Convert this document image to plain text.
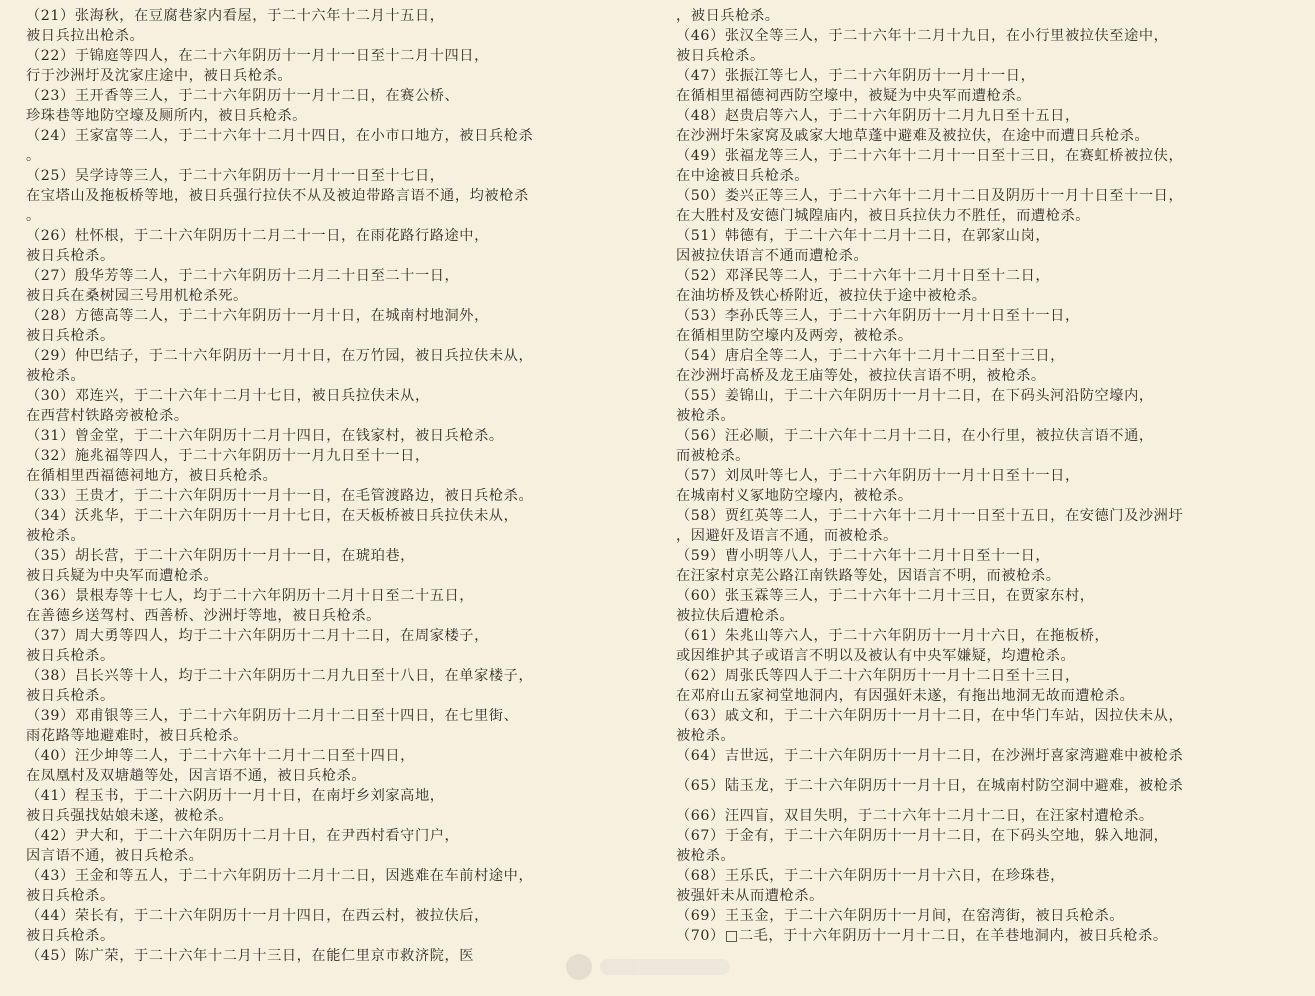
（21）张海秋，在豆腐巷家内看屋，于二十六年十二月十五日，
被日兵拉出枪杀。
（22）于锦庭等四人，在二十六年阴历十一月十一日至十二月十四日，
行于沙洲圩及沈家庄途中，被日兵枪杀。
（23）王开香等三人，于二十六年阴历十一月十二日，在赛公桥、
珍珠巷等地防空壕及厕所内，被日兵枪杀。
（24）王家富等二人，于二十六年十二月十四日，在小市口地方，被日兵枪杀
。
（25）吴学诗等三人，于二十六年阴历十一月十一日至十七日，
在宝塔山及拖板桥等地，被日兵强行拉伕不从及被迫带路言语不通，均被枪杀
。
（26）杜怀根，于二十六年阴历十二月二十一日，在雨花路行路途中，
被日兵枪杀。
（27）殷华芳等二人，于二十六年阴历十二月二十日至二十一日，
被日兵在桑树园三号用机枪杀死。
（28）方德高等二人，于二十六年阴历十一月十日，在城南村地洞外，
被日兵枪杀。
（29）仲巴结子，于二十六年阴历十一月十日，在万竹园，被日兵拉伕未从，
被枪杀。
（30）邓连兴，于二十六年十二月十七日，被日兵拉伕未从，
在西营村铁路旁被枪杀。
（31）曾金堂，于二十六年阴历十二月十四日，在钱家村，被日兵枪杀。
（32）施兆福等四人，于二十六年阴历十一月九日至十一日，
在循相里西福德祠地方，被日兵枪杀。
（33）王贵才，于二十六年阴历十一月十一日，在毛管渡路边，被日兵枪杀。
（34）沃兆华，于二十六年阴历十一月十七日，在天板桥被日兵拉伕未从，
被枪杀。
（35）胡长营，于二十六年阴历十一月十一日，在琥珀巷，
被日兵疑为中央军而遭枪杀。
（36）景根寿等十七人，均于二十六年阴历十二月十日至二十五日，
在善德乡送驾村、西善桥、沙洲圩等地，被日兵枪杀。
（37）周大勇等四人，均于二十六年阴历十二月十二日，在周家楼子，
被日兵枪杀。
（38）吕长兴等十人，均于二十六年阴历十二月九日至十八日，在单家楼子，
被日兵枪杀。
（39）邓甫银等三人，于二十六年阴历十二月十二日至十四日，在七里街、
雨花路等地避难时，被日兵枪杀。
（40）汪少坤等二人，于二十六年十二月十二日至十四日，
在凤凰村及双塘趟等处，因言语不通，被日兵枪杀。
（41）程玉书，于二十六阴历十一月十日，在南圩乡刘家高地，
被日兵强找姑娘未遂，被枪杀。
（42）尹大和，于二十六年阴历十二月十日，在尹西村看守门户，
因言语不通，被日兵枪杀。
（43）王金和等五人，于二十六年阴历十二月十二日，因逃难在车前村途中，
被日兵枪杀。
（44）荣长有，于二十六年阴历十一月十四日，在西云村，被拉伕后，
被日兵枪杀。
（45）陈广荣，于二十六年十二月十三日，在能仁里京市救济院，医
，被日兵枪杀。
（46）张汉全等三人，于二十六年十二月十九日，在小行里被拉伕至途中，
被日兵枪杀。
（47）张振江等七人，于二十六年阴历十一月十一日，
在循相里福德祠西防空壕中，被疑为中央军而遭枪杀。
（48）赵贵启等六人，于二十六年阴历十二月九日至十五日，
在沙洲圩朱家窝及戚家大地草蓬中避难及被拉伕，在途中而遭日兵枪杀。
（49）张福龙等三人，于二十六年十二月十一日至十三日，在赛虹桥被拉伕，
在中途被日兵枪杀。
（50）娄兴正等三人，于二十六年十二月十二日及阴历十一月十日至十一日，
在大胜村及安德门城隍庙内，被日兵拉伕力不胜任，而遭枪杀。
（51）韩德有，于二十六年十二月十二日，在郭家山岗，
因被拉伕语言不通而遭枪杀。
（52）邓泽民等二人，于二十六年十二月十日至十二日，
在油坊桥及铁心桥附近，被拉伕于途中被枪杀。
（53）李孙氏等三人，于二十六年阴历十一月十日至十一日，
在循相里防空壕内及两旁，被枪杀。
（54）唐启全等二人，于二十六年十二月十二日至十三日，
在沙洲圩高桥及龙王庙等处，被拉伕言语不明，被枪杀。
（55）姜锦山，于二十六年阴历十一月十二日，在下码头河沿防空壕内，
被枪杀。
（56）汪必顺，于二十六年十二月十二日，在小行里，被拉伕言语不通，
而被枪杀。
（57）刘凤叶等七人，于二十六年阴历十一月十日至十一日，
在城南村义冢地防空壕内，被枪杀。
（58）贾红英等二人，于二十六年十二月十一日至十五日，在安德门及沙洲圩
，因避奸及语言不通，而被枪杀。
（59）曹小明等八人，于二十六年十二月十日至十一日，
在汪家村京芜公路江南铁路等处，因语言不明，而被枪杀。
（60）张玉霖等三人，于二十六年十二月十三日，在贾家东村，
被拉伕后遭枪杀。
（61）朱兆山等六人，于二十六年阴历十一月十六日，在拖板桥，
或因维护其子或语言不明以及被认有中央军嫌疑，均遭枪杀。
（62）周张氏等四人于二十六年阴历十一月十二日至十三日，
在邓府山五家祠堂地洞内，有因强奸未遂，有拖出地洞无故而遭枪杀。
（63）戚文和，于二十六年阴历十一月十二日，在中华门车站，因拉伕未从，
被枪杀。
（64）吉世远，于二十六年阴历十一月十二日，在沙洲圩喜家湾避难中被枪杀
（65）陆玉龙，于二十六年阴历十一月十日，在城南村防空洞中避难，被枪杀
（66）汪四盲，双目失明，于二十六年十二月十二日，在汪家村遭枪杀。
（67）于金有，于二十六年阴历十一月十二日，在下码头空地，躲入地洞，
被枪杀。
（68）王乐氏，于二十六年阴历十一月十六日，在珍珠巷，
被强奸未从而遭枪杀。
（69）王玉金，于二十六年阴历十一月间，在窑湾街，被日兵枪杀。
（70）□二毛，于十六年阴历十一月十二日，在羊巷地洞内，被日兵枪杀。
